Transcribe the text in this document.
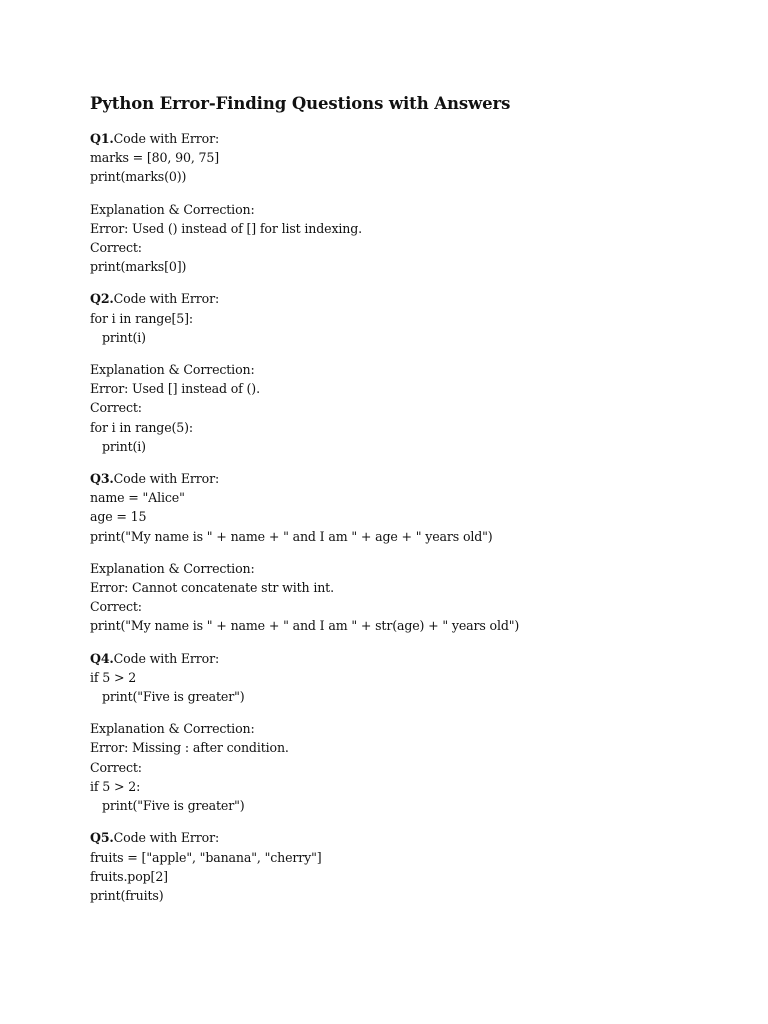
Python Error-Finding Questions with Answers
Q1.Code with Error:
marks = [80, 90, 75]
print(marks(0))
Explanation & Correction:
Error: Used () instead of [] for list indexing.
Correct:
print(marks[0])
Q2.Code with Error:
for i in range[5]:
print(i)
Explanation & Correction:
Error: Used [] instead of ().
Correct:
for i in range(5):
print(i)
Q3.Code with Error:
name = "Alice"
age = 15
print("My name is " + name + " and I am " + age + " years old")
Explanation & Correction:
Error: Cannot concatenate str with int.
Correct:
print("My name is " + name + " and I am " + str(age) + " years old")
Q4.Code with Error:
if 5 > 2
print("Five is greater")
Explanation & Correction:
Error: Missing : after condition.
Correct:
if 5 > 2:
print("Five is greater")
Q5.Code with Error:
fruits = ["apple", "banana", "cherry"]
fruits.pop[2]
print(fruits)
